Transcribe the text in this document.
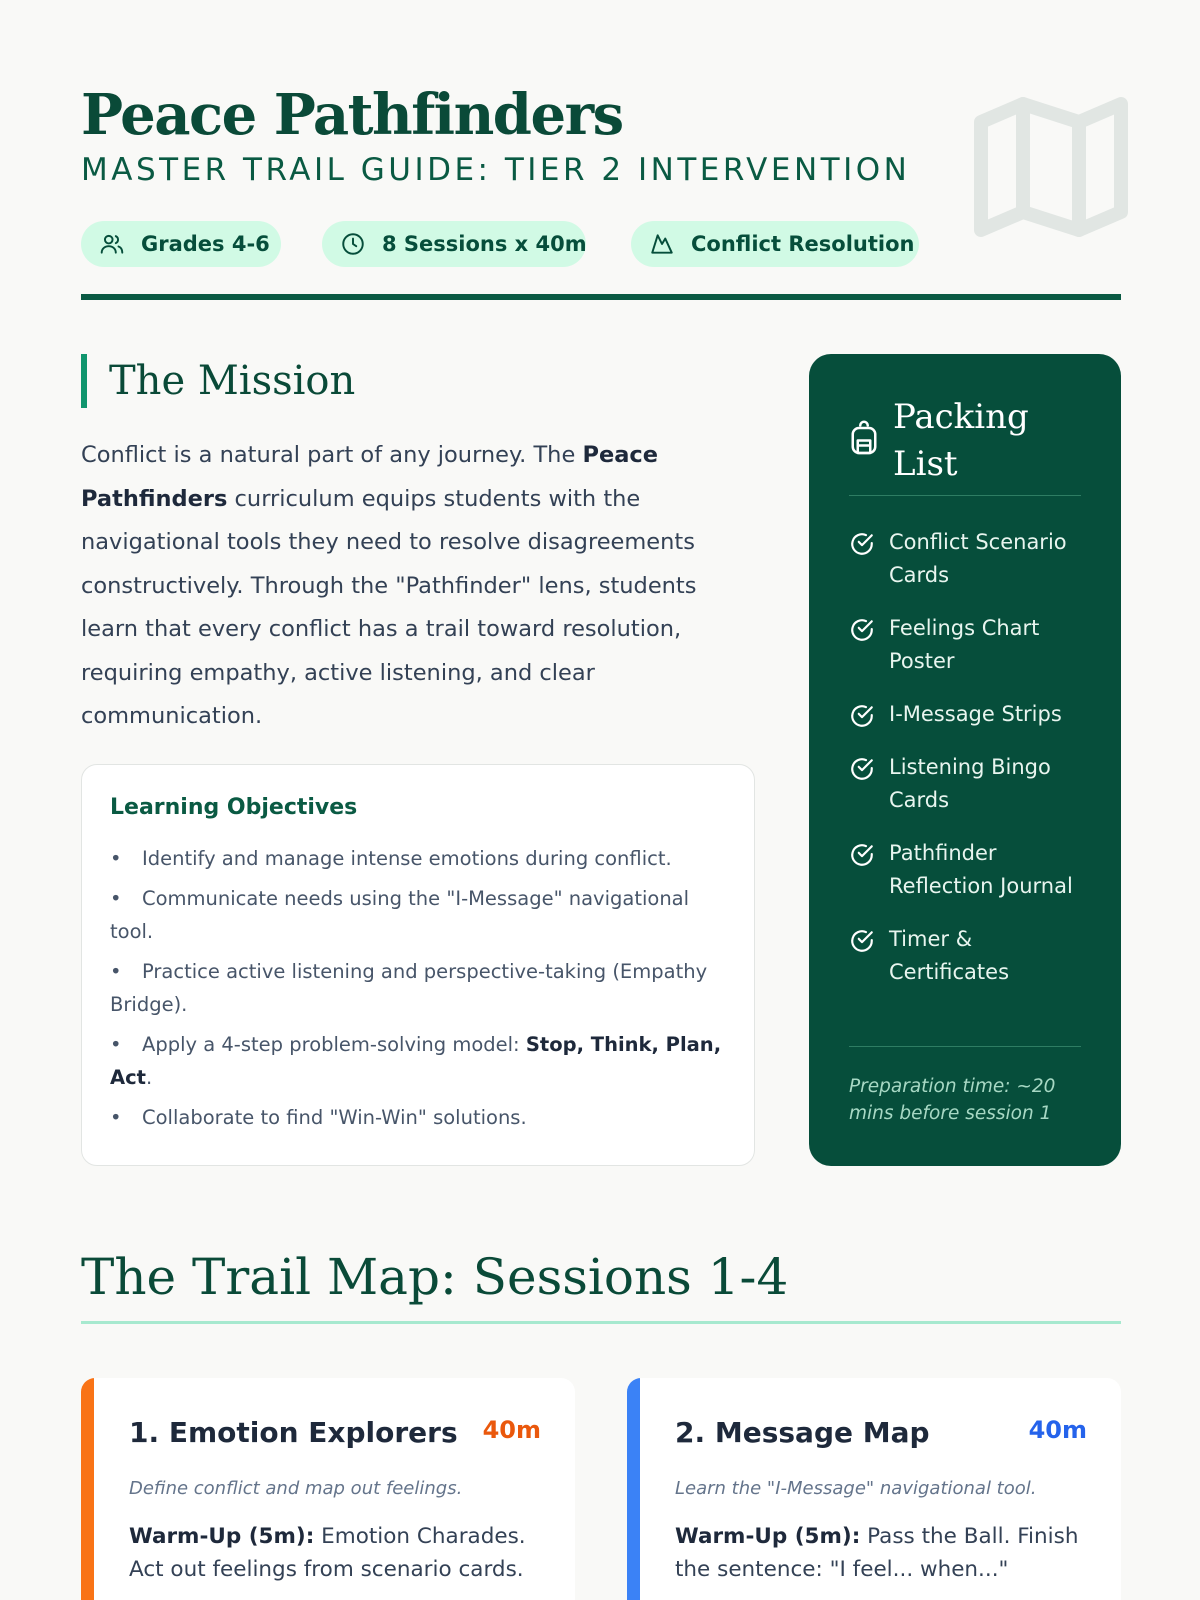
Peace Pathfinders
MASTER TRAIL GUIDE: TIER 2 INTERVENTION
Grades 4-6	8 Sessions x 40m	Conflict Resolution
The Mission

Conflict is a natural part of any journey. The Peace Pathfinders curriculum equips students with the navigational tools they need to resolve disagreements constructively. Through the "Pathfinder" lens, students learn that every conflict has a trail toward resolution, requiring empathy, active listening, and clear communication.

Learning Objectives
• Identify and manage intense emotions during conflict.
• Communicate needs using the "I-Message" navigational tool.
• Practice active listening and perspective-taking (Empathy Bridge).
• Apply a 4-step problem-solving model: Stop, Think, Plan, Act.
• Collaborate to find "Win-Win" solutions.
Packing List
Conflict Scenario Cards
Feelings Chart Poster
I-Message Strips
Listening Bingo Cards
Pathfinder Reflection Journal
Timer & Certificates
Preparation time: ~20 mins before session 1
The Trail Map: Sessions 1-4
1. Emotion Explorers 40m
Define conflict and map out feelings.
Warm-Up (5m): Emotion Charades. Act out feelings from scenario cards.
2. Message Map	40m
Learn the "I-Message" navigational tool.
Warm-Up (5m): Pass the Ball. Finish the sentence: "I feel... when..."
